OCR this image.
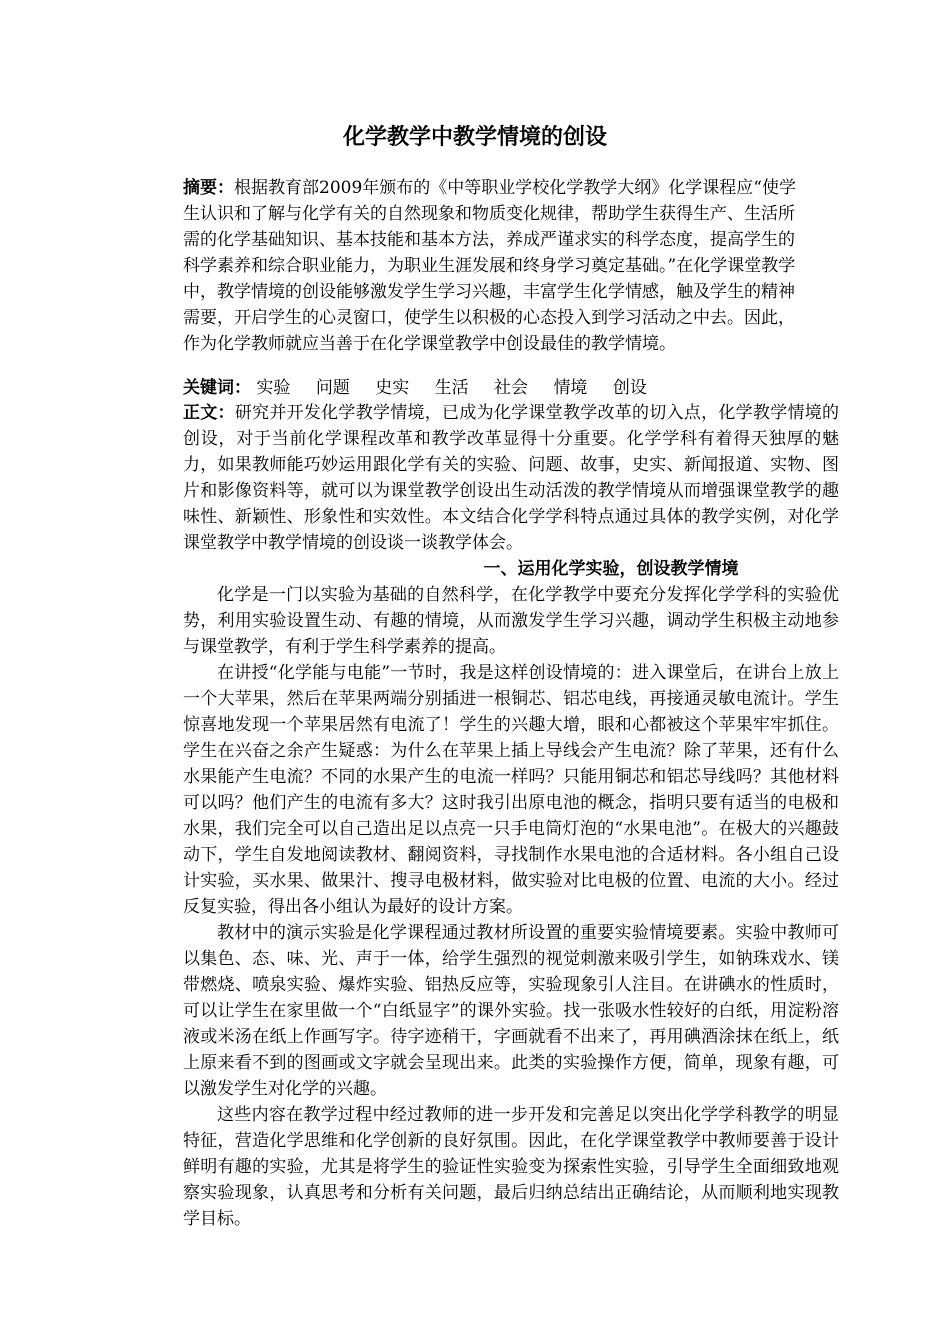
化学教学中教学情境的创设

摘要：根据教育部2009年颁布的《中等职业学校化学教学大纲》化学课程应“使学生认识和了解与化学有关的自然现象和物质变化规律，帮助学生获得生产、生活所需的化学基础知识、基本技能和基本方法，养成严谨求实的科学态度，提高学生的科学素养和综合职业能力，为职业生涯发展和终身学习奠定基础。”在化学课堂教学中，教学情境的创设能够激发学生学习兴趣，丰富学生化学情感，触及学生的精神需要，开启学生的心灵窗口，使学生以积极的心态投入到学习活动之中去。因此，作为化学教师就应当善于在化学课堂教学中创设最佳的教学情境。

关键词： 实验 问题 史实 生活 社会 情境 创设

正文：研究并开发化学教学情境，已成为化学课堂教学改革的切入点，化学教学情境的创设，对于当前化学课程改革和教学改革显得十分重要。化学学科有着得天独厚的魅力，如果教师能巧妙运用跟化学有关的实验、问题、故事，史实、新闻报道、实物、图片和影像资料等，就可以为课堂教学创设出生动活泼的教学情境从而增强课堂教学的趣味性、新颖性、形象性和实效性。本文结合化学学科特点通过具体的教学实例，对化学课堂教学中教学情境的创设谈一谈教学体会。

一、运用化学实验，创设教学情境

化学是一门以实验为基础的自然科学，在化学教学中要充分发挥化学学科的实验优势，利用实验设置生动、有趣的情境，从而激发学生学习兴趣，调动学生积极主动地参与课堂教学，有利于学生科学素养的提高。

在讲授“化学能与电能”一节时，我是这样创设情境的：进入课堂后，在讲台上放上一个大苹果，然后在苹果两端分别插进一根铜芯、铝芯电线，再接通灵敏电流计。学生惊喜地发现一个苹果居然有电流了！学生的兴趣大增，眼和心都被这个苹果牢牢抓住。学生在兴奋之余产生疑惑：为什么在苹果上插上导线会产生电流？除了苹果，还有什么水果能产生电流？不同的水果产生的电流一样吗？只能用铜芯和铝芯导线吗？其他材料可以吗？他们产生的电流有多大？这时我引出原电池的概念，指明只要有适当的电极和水果，我们完全可以自己造出足以点亮一只手电筒灯泡的“水果电池”。在极大的兴趣鼓动下，学生自发地阅读教材、翻阅资料，寻找制作水果电池的合适材料。各小组自己设计实验，买水果、做果汁、搜寻电极材料，做实验对比电极的位置、电流的大小。经过反复实验，得出各小组认为最好的设计方案。

教材中的演示实验是化学课程通过教材所设置的重要实验情境要素。实验中教师可以集色、态、味、光、声于一体，给学生强烈的视觉刺激来吸引学生，如钠珠戏水、镁带燃烧、喷泉实验、爆炸实验、铝热反应等，实验现象引人注目。在讲碘水的性质时，可以让学生在家里做一个“白纸显字”的课外实验。找一张吸水性较好的白纸，用淀粉溶液或米汤在纸上作画写字。待字迹稍干，字画就看不出来了，再用碘酒涂抹在纸上，纸上原来看不到的图画或文字就会呈现出来。此类的实验操作方便，简单，现象有趣，可以激发学生对化学的兴趣。

这些内容在教学过程中经过教师的进一步开发和完善足以突出化学学科教学的明显特征，营造化学思维和化学创新的良好氛围。因此，在化学课堂教学中教师要善于设计鲜明有趣的实验，尤其是将学生的验证性实验变为探索性实验，引导学生全面细致地观察实验现象，认真思考和分析有关问题，最后归纳总结出正确结论，从而顺利地实现教学目标。
